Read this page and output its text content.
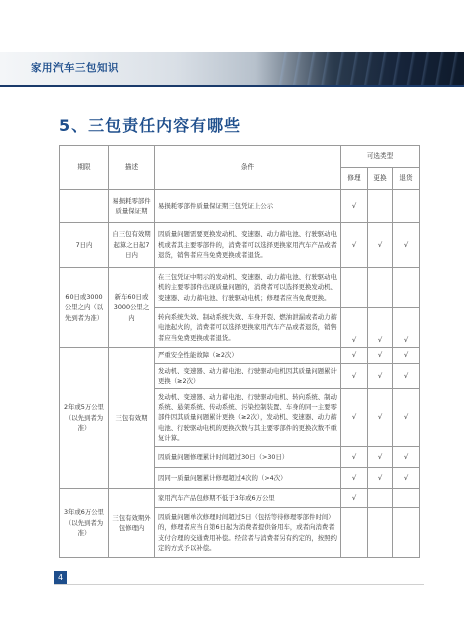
家用汽车三包知识
5、三包责任内容有哪些
期限	描述	条件	可选类型		
			修理	更换	退货
	易损耗零部件质量保证期	易损耗零部件质量保证期三包凭证上公示	√		
7日内	自三包有效期起算之日起7日内	因质量问题需要更换发动机、变速器、动力蓄电池、行驶驱动电机或者其主要零部件的，消费者可以选择更换家用汽车产品或者退货，销售者应当免费更换或者退货。	√	√	√
60日或3000公里之内（以先到者为准）	新车60日或3000公里之内	在三包凭证中明示的发动机、变速器、动力蓄电池、行驶驱动电机的主要零部件出现质量问题的，消费者可以选择更换发动机、变速器、动力蓄电池、行驶驱动电机；修理者应当免费更换。			
		转向系统失效、制动系统失效、车身开裂、燃油泄漏或者动力蓄电池起火的，消费者可以选择更换家用汽车产品或者退货，销售者应当免费更换或者退货。	√	√	√
2年或5万公里（以先到者为准）	三包有效期	严重安全性能故障（≥2次）	√	√	√
		发动机、变速器、动力蓄电池、行驶驱动电机因其质量问题累计更换（≥2次）	√	√	√
		发动机、变速器、动力蓄电池、行驶驱动电机、转向系统、制动系统、悬架系统、传动系统、污染控制装置、车身的同一主要零部件因其质量问题累计更换（≥2次），发动机、变速器、动力蓄电池、行驶驱动电机的更换次数与其主要零部件的更换次数不重复计算。	√	√	√
		因质量问题修理累计时间超过30日（>30日）	√	√	√
		因同一质量问题累计修理超过4次的（>4次）	√	√	√
3年或6万公里（以先到者为准）	三包有效期外包修理内	家用汽车产品包修期不低于3年或6万公里	√		
		因质量问题单次修理时间超过5日（包括等待修理零部件时间）的，修理者应当自第6日起为消费者提供备用车，或者向消费者支付合理的交通费用补偿。经营者与消费者另有约定的，按照约定的方式予以补偿。			
4
